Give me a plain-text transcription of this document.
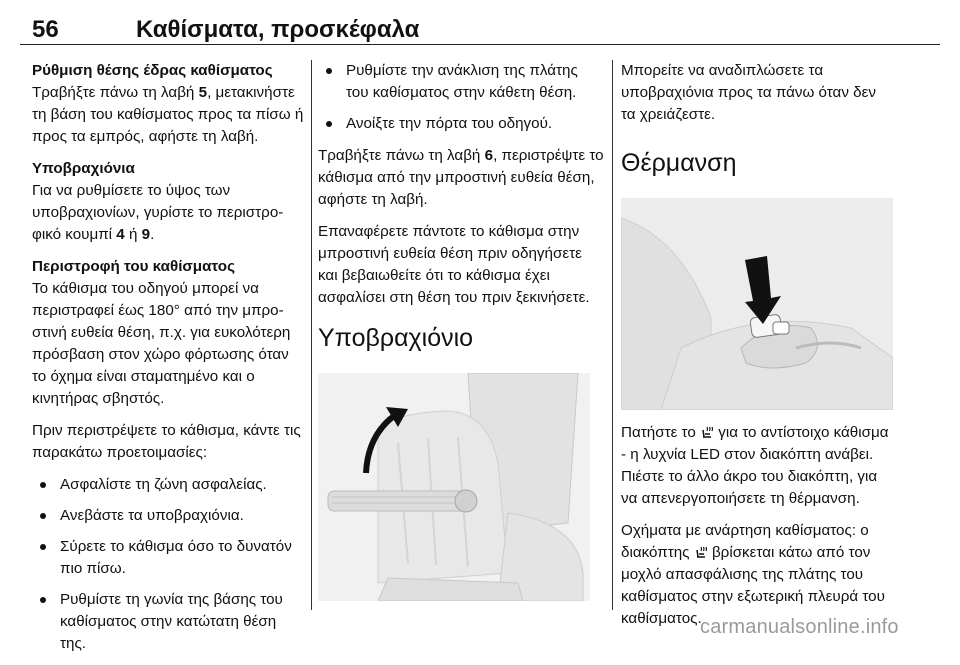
56	Καθίσματα, προσκέφαλα

Ρύθμιση θέσης έδρας καθίσματος
Τραβήξτε πάνω τη λαβή 5, μετακινήστε τη βάση του καθίσματος προς τα πίσω ή προς τα εμπρός, αφήστε τη λαβή.

Υποβραχιόνια
Για να ρυθμίσετε το ύψος των υποβραχιονίων, γυρίστε το περιστροφικό κουμπί 4 ή 9.

Περιστροφή του καθίσματος
Το κάθισμα του οδηγού μπορεί να περιστραφεί έως 180° από την μπροστινή ευθεία θέση, π.χ. για ευκολότερη πρόσβαση στον χώρο φόρτωσης όταν το όχημα είναι σταματημένο και ο κινητήρας σβηστός.

Πριν περιστρέψετε το κάθισμα, κάντε τις παρακάτω προετοιμασίες:

Ασφαλίστε τη ζώνη ασφαλείας.
Ανεβάστε τα υποβραχιόνια.
Σύρετε το κάθισμα όσο το δυνατόν πιο πίσω.
Ρυθμίστε τη γωνία της βάσης του καθίσματος στην κατώτατη θέση της.
Ρυθμίστε την ανάκλιση της πλάτης του καθίσματος στην κάθετη θέση.
Ανοίξτε την πόρτα του οδηγού.

Τραβήξτε πάνω τη λαβή 6, περιστρέψτε το κάθισμα από την μπροστινή ευθεία θέση, αφήστε τη λαβή.

Επαναφέρετε πάντοτε το κάθισμα στην μπροστινή ευθεία θέση πριν οδηγήσετε και βεβαιωθείτε ότι το κάθισμα έχει ασφαλίσει στη θέση του πριν ξεκινήσετε.

Υποβραχιόνιο

Μπορείτε να αναδιπλώσετε τα υποβραχιόνια προς τα πάνω όταν δεν τα χρειάζεστε.

Θέρμανση

Πατήστε το  για το αντίστοιχο κάθισμα - η λυχνία LED στον διακόπτη ανάβει. Πιέστε το άλλο άκρο του διακόπτη, για να απενεργοποιήσετε τη θέρμανση.

Οχήματα με ανάρτηση καθίσματος: ο διακόπτης  βρίσκεται κάτω από τον μοχλό απασφάλισης της πλάτης του καθίσματος στην εξωτερική πλευρά του καθίσματος.

carmanualsonline.info
